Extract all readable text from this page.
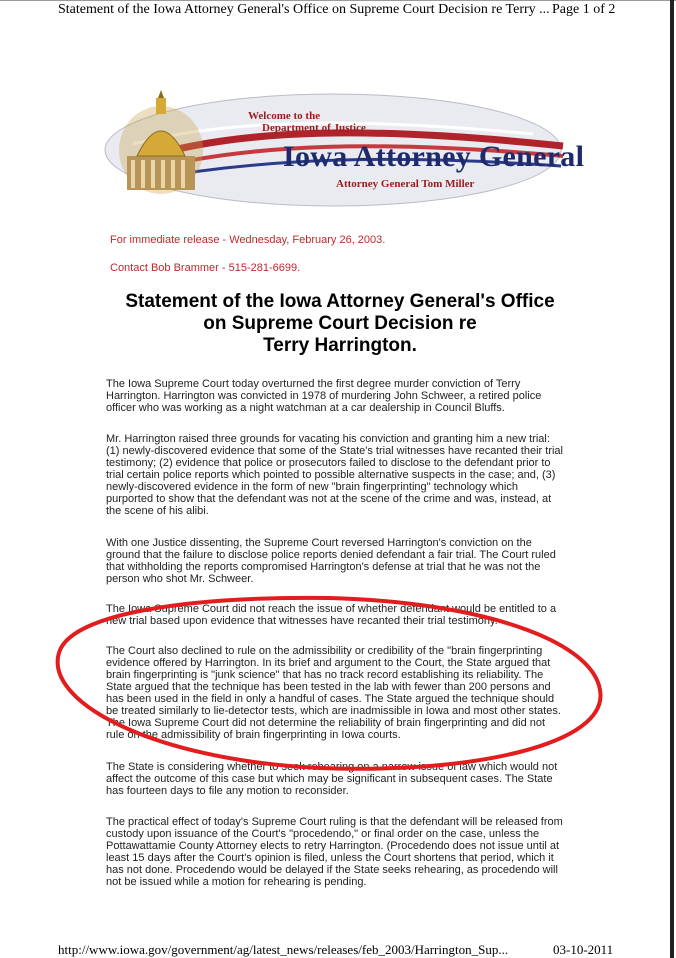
Statement of the Iowa Attorney General's Office on Supreme Court Decision re Terry ... Page 1 of 2
Welcome to the
Department of Justice
Iowa Attorney General
Attorney General Tom Miller
For immediate release - Wednesday, February 26, 2003.
Contact Bob Brammer - 515-281-6699.
Statement of the Iowa Attorney General's Office
on Supreme Court Decision re
Terry Harrington.
The Iowa Supreme Court today overturned the first degree murder conviction of Terry Harrington. Harrington was convicted in 1978 of murdering John Schweer, a retired police officer who was working as a night watchman at a car dealership in Council Bluffs.
Mr. Harrington raised three grounds for vacating his conviction and granting him a new trial: (1) newly-discovered evidence that some of the State's trial witnesses have recanted their trial testimony; (2) evidence that police or prosecutors failed to disclose to the defendant prior to trial certain police reports which pointed to possible alternative suspects in the case; and, (3) newly-discovered evidence in the form of new "brain fingerprinting" technology which purported to show that the defendant was not at the scene of the crime and was, instead, at the scene of his alibi.
With one Justice dissenting, the Supreme Court reversed Harrington's conviction on the ground that the failure to disclose police reports denied defendant a fair trial. The Court ruled that withholding the reports compromised Harrington's defense at trial that he was not the person who shot Mr. Schweer.
The Iowa Supreme Court did not reach the issue of whether defendant would be entitled to a new trial based upon evidence that witnesses have recanted their trial testimony.
The Court also declined to rule on the admissibility or credibility of the "brain fingerprinting evidence offered by Harrington. In its brief and argument to the Court, the State argued that brain fingerprinting is "junk science" that has no track record establishing its reliability. The State argued that the technique has been tested in the lab with fewer than 200 persons and has been used in the field in only a handful of cases. The State argued the technique should be treated similarly to lie-detector tests, which are inadmissible in Iowa and most other states. The Iowa Supreme Court did not determine the reliability of brain fingerprinting and did not rule on the admissibility of brain fingerprinting in Iowa courts.
The State is considering whether to seek rehearing on a narrow issue of law which would not affect the outcome of this case but which may be significant in subsequent cases. The State has fourteen days to file any motion to reconsider.
The practical effect of today's Supreme Court ruling is that the defendant will be released from custody upon issuance of the Court's "procedendo," or final order on the case, unless the Pottawattamie County Attorney elects to retry Harrington. (Procedendo does not issue until at least 15 days after the Court's opinion is filed, unless the Court shortens that period, which it has not done. Procedendo would be delayed if the State seeks rehearing, as procedendo will not be issued while a motion for rehearing is pending.
http://www.iowa.gov/government/ag/latest_news/releases/feb_2003/Harrington_Sup...	03-10-2011
